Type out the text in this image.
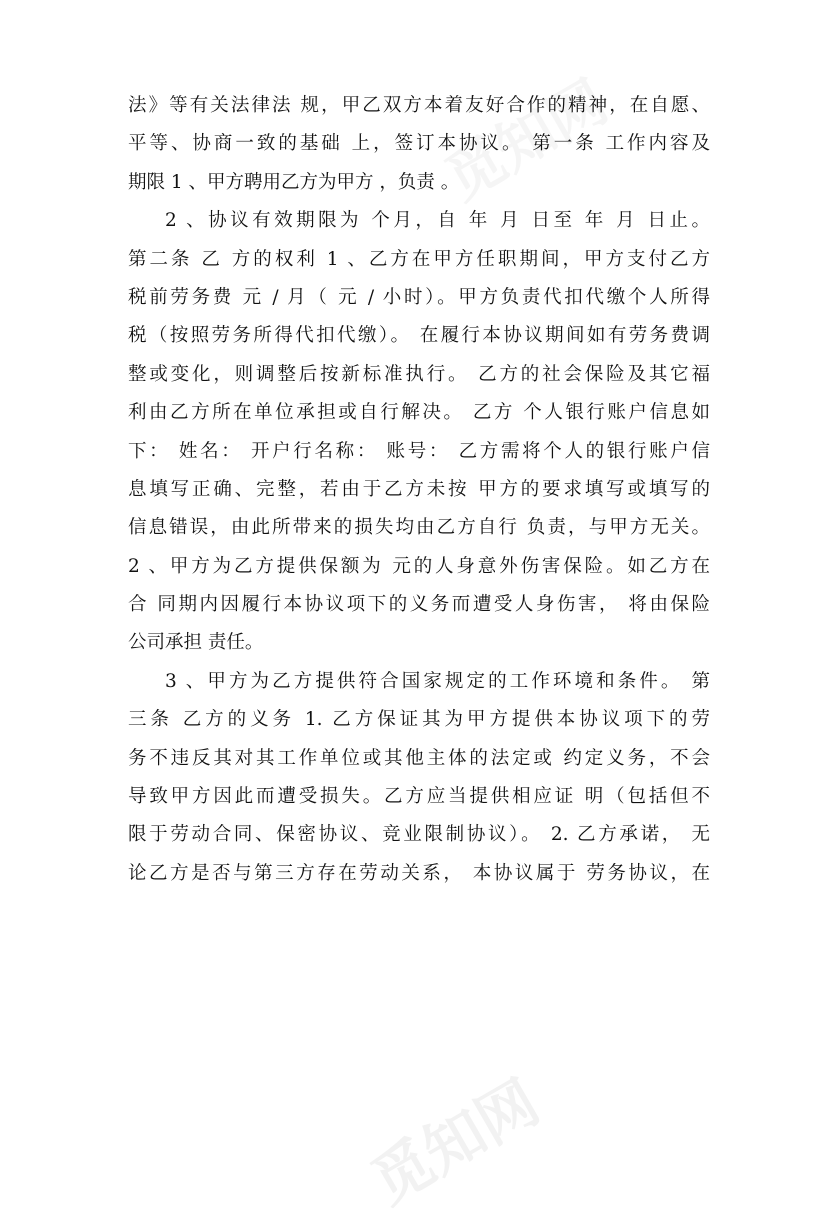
法》等有关法律法 规，甲乙双方本着友好合作的精神，在自愿、
平等、协商一致的基础 上，签订本协议。 第一条 工作内容及
期限 1 、甲方聘用乙方为甲方 ，负责 。
2 、协议有效期限为 个月，自 年 月 日至 年 月 日止。
第二条 乙 方的权利 1 、乙方在甲方任职期间，甲方支付乙方
税前劳务费 元 / 月（ 元 / 小时）。甲方负责代扣代缴个人所得
税（按照劳务所得代扣代缴）。 在履行本协议期间如有劳务费调
整或变化，则调整后按新标准执行。 乙方的社会保险及其它福
利由乙方所在单位承担或自行解决。 乙方 个人银行账户信息如
下： 姓名： 开户行名称： 账号： 乙方需将个人的银行账户信
息填写正确、完整，若由于乙方未按 甲方的要求填写或填写的
信息错误，由此所带来的损失均由乙方自行 负责，与甲方无关。
2 、甲方为乙方提供保额为 元的人身意外伤害保险。如乙方在
合 同期内因履行本协议项下的义务而遭受人身伤害， 将由保险
公司承担 责任。
3 、甲方为乙方提供符合国家规定的工作环境和条件。 第
三条 乙方的义务 1. 乙方保证其为甲方提供本协议项下的劳
务不违反其对其工作单位或其他主体的法定或 约定义务，不会
导致甲方因此而遭受损失。乙方应当提供相应证 明（包括但不
限于劳动合同、保密协议、竞业限制协议）。 2. 乙方承诺， 无
论乙方是否与第三方存在劳动关系， 本协议属于 劳务协议，在
觅知网
